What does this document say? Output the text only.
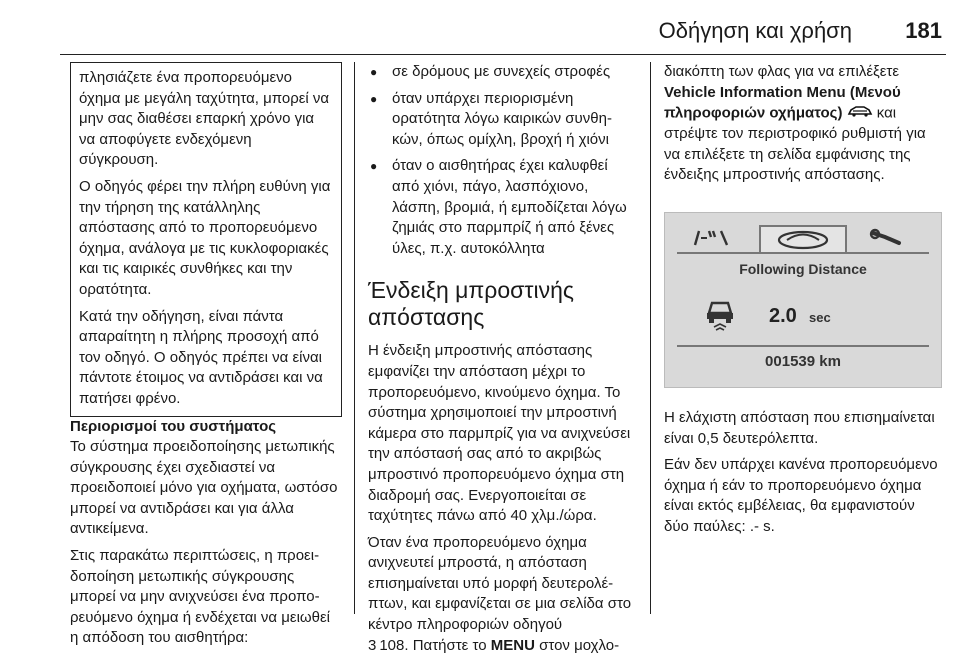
Οδήγηση και χρήση 181

πλησιάζετε ένα προπορευόμενο όχημα με μεγάλη ταχύτητα, μπορεί να μην σας διαθέσει επαρκή χρόνο για να αποφύγετε ενδεχόμενη σύγκρουση.

Ο οδηγός φέρει την πλήρη ευθύνη για την τήρηση της κατάλληλης απόστασης από το προπορευόμενο όχημα, ανάλογα με τις κυκλοφοριακές και τις καιρικές συνθήκες και την ορατότητα.

Κατά την οδήγηση, είναι πάντα απαραίτητη η πλήρης προσοχή από τον οδηγό. Ο οδηγός πρέπει να είναι πάντοτε έτοιμος να αντιδράσει και να πατήσει φρένο.

Περιορισμοί του συστήματος

Το σύστημα προειδοποίησης μετωπικής σύγκρουσης έχει σχεδιαστεί να προειδοποιεί μόνο για οχήματα, ωστόσο μπορεί να αντιδράσει και για άλλα αντικείμενα.

Στις παρακάτω περιπτώσεις, η προειδοποίηση μετωπικής σύγκρουσης μπορεί να μην ανιχνεύσει ένα προπορευόμενο όχημα ή ενδέχεται να μειωθεί η απόδοση του αισθητήρα:

● σε δρόμους με συνεχείς στροφές
● όταν υπάρχει περιορισμένη ορατότητα λόγω καιρικών συνθηκών, όπως ομίχλη, βροχή ή χιόνι
● όταν ο αισθητήρας έχει καλυφθεί από χιόνι, πάγο, λασπόχιονο, λάσπη, βρομιά, ή εμποδίζεται λόγω ζημιάς στο παρμπρίζ ή από ξένες ύλες, π.χ. αυτοκόλλητα
Ένδειξη μπροστινής απόστασης

Η ένδειξη μπροστινής απόστασης εμφανίζει την απόσταση μέχρι το προπορευόμενο, κινούμενο όχημα. Το σύστημα χρησιμοποιεί την μπροστινή κάμερα στο παρμπρίζ για να ανιχνεύσει την απόστασή σας από το ακριβώς μπροστινό προπορευόμενο όχημα στη διαδρομή σας. Ενεργοποιείται σε ταχύτητες πάνω από 40 χλμ./ώρα.

Όταν ένα προπορευόμενο όχημα ανιχνευτεί μπροστά, η απόσταση επισημαίνεται υπό μορφή δευτερολέπτων, και εμφανίζεται σε μια σελίδα στο κέντρο πληροφοριών οδηγού
3 108. Πατήστε το MENU στον μοχλο-

διακόπτη των φλας για να επιλέξετε Vehicle Information Menu (Μενού πληροφοριών οχήματος) και στρέψτε τον περιστροφικό ρυθμιστή για να επιλέξετε τη σελίδα εμφάνισης της ένδειξης μπροστινής απόστασης.

Following Distance
2.0 sec
001539 km

Η ελάχιστη απόσταση που επισημαίνεται είναι 0,5 δευτερόλεπτα.

Εάν δεν υπάρχει κανένα προπορευόμενο όχημα ή εάν το προπορευόμενο όχημα είναι εκτός εμβέλειας, θα εμφανιστούν δύο παύλες: .- s.
